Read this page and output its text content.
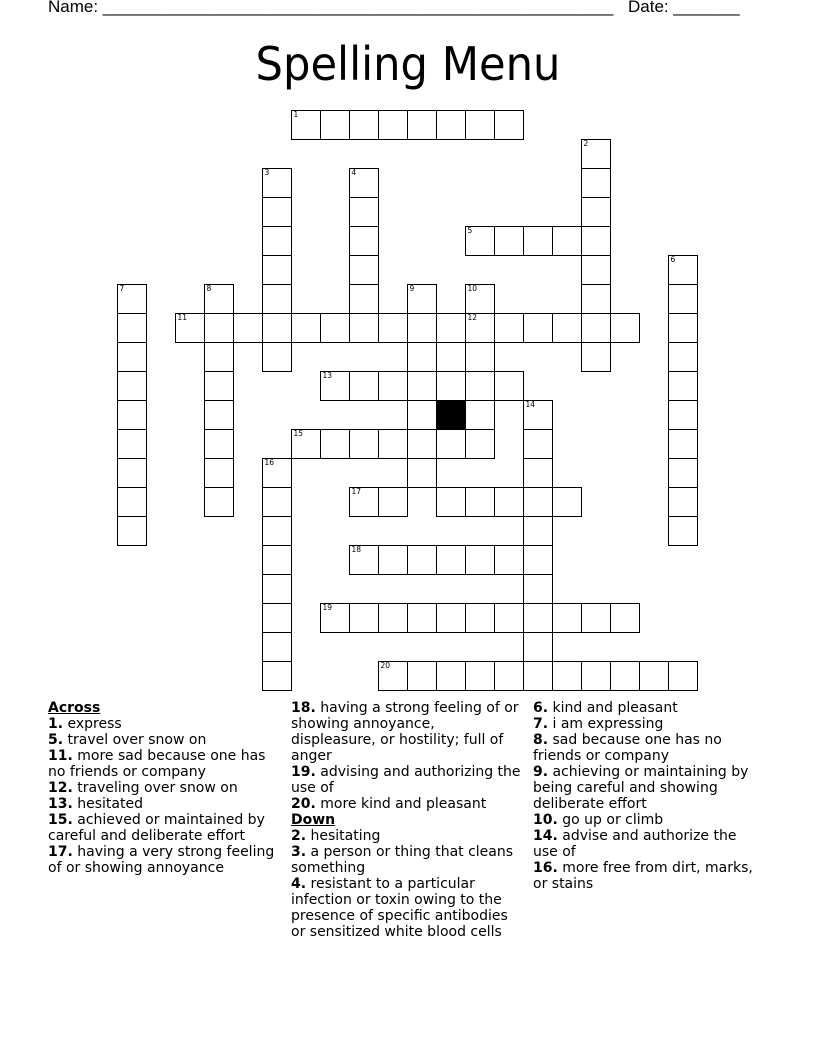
Name: ______________________________________________________ Date: _______
Spelling Menu
1
2
3	4
5
6
7	8	9	10
11	12
13
14
15
16
17
18
19
20
Across
1. express
5. travel over snow on
11. more sad because one has no friends or company
12. traveling over snow on
13. hesitated
15. achieved or maintained by careful and deliberate effort
17. having a very strong feeling of or showing annoyance
18. having a strong feeling of or showing annoyance, displeasure, or hostility; full of anger
19. advising and authorizing the use of
20. more kind and pleasant
Down
2. hesitating
3. a person or thing that cleans something
4. resistant to a particular infection or toxin owing to the presence of specific antibodies or sensitized white blood cells
6. kind and pleasant
7. i am expressing
8. sad because one has no friends or company
9. achieving or maintaining by being careful and showing deliberate effort
10. go up or climb
14. advise and authorize the use of
16. more free from dirt, marks, or stains
